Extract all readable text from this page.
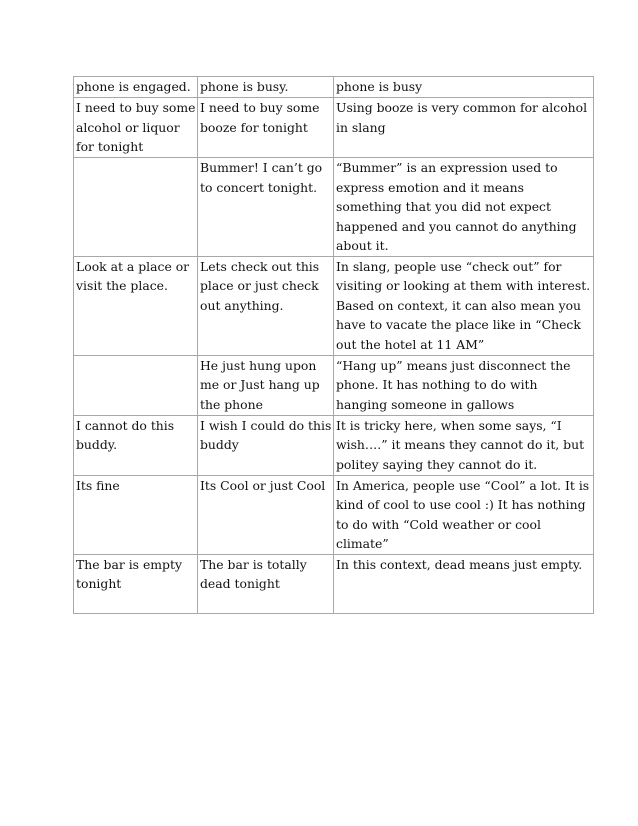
phone is engaged.	phone is busy.	phone is busy
I need to buy some alcohol or liquor for tonight	I need to buy some booze for tonight	Using booze is very common for alcohol in slang
	Bummer! I can’t go to concert tonight.	“Bummer” is an expression used to express emotion and it means something that you did not expect happened and you cannot do anything about it.
Look at a place or visit the place.	Lets check out this place or just check out anything.	In slang, people use “check out” for visiting or looking at them with interest. Based on context, it can also mean you have to vacate the place like in “Check out the hotel at 11 AM”
	He just hung upon me or Just hang up the phone	“Hang up” means just disconnect the phone. It has nothing to do with hanging someone in gallows
I cannot do this buddy.	I wish I could do this buddy	It is tricky here, when some says, “I wish….” it means they cannot do it, but politey saying they cannot do it.
Its fine	Its Cool or just Cool	In America, people use “Cool” a lot. It is kind of cool to use cool :) It has nothing to do with “Cold weather or cool climate”
The bar is empty tonight	The bar is totally dead tonight	In this context, dead means just empty.
